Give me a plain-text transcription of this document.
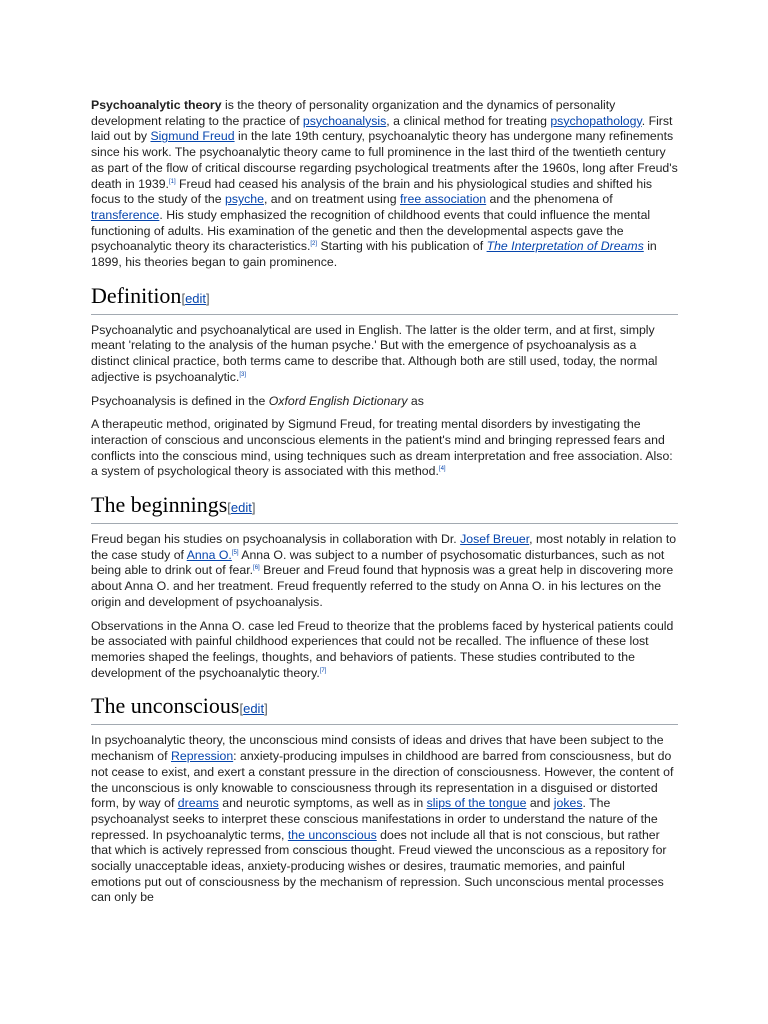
Psychoanalytic theory is the theory of personality organization and the dynamics of personality development relating to the practice of psychoanalysis, a clinical method for treating psychopathology. First laid out by Sigmund Freud in the late 19th century, psychoanalytic theory has undergone many refinements since his work. The psychoanalytic theory came to full prominence in the last third of the twentieth century as part of the flow of critical discourse regarding psychological treatments after the 1960s, long after Freud's death in 1939.[1] Freud had ceased his analysis of the brain and his physiological studies and shifted his focus to the study of the psyche, and on treatment using free association and the phenomena of transference. His study emphasized the recognition of childhood events that could influence the mental functioning of adults. His examination of the genetic and then the developmental aspects gave the psychoanalytic theory its characteristics.[2] Starting with his publication of The Interpretation of Dreams in 1899, his theories began to gain prominence.

Definition[edit]

Psychoanalytic and psychoanalytical are used in English. The latter is the older term, and at first, simply meant 'relating to the analysis of the human psyche.' But with the emergence of psychoanalysis as a distinct clinical practice, both terms came to describe that. Although both are still used, today, the normal adjective is psychoanalytic.[3]

Psychoanalysis is defined in the Oxford English Dictionary as

A therapeutic method, originated by Sigmund Freud, for treating mental disorders by investigating the interaction of conscious and unconscious elements in the patient's mind and bringing repressed fears and conflicts into the conscious mind, using techniques such as dream interpretation and free association. Also: a system of psychological theory is associated with this method.[4]

The beginnings[edit]

Freud began his studies on psychoanalysis in collaboration with Dr. Josef Breuer, most notably in relation to the case study of Anna O.[5] Anna O. was subject to a number of psychosomatic disturbances, such as not being able to drink out of fear.[6] Breuer and Freud found that hypnosis was a great help in discovering more about Anna O. and her treatment. Freud frequently referred to the study on Anna O. in his lectures on the origin and development of psychoanalysis.

Observations in the Anna O. case led Freud to theorize that the problems faced by hysterical patients could be associated with painful childhood experiences that could not be recalled. The influence of these lost memories shaped the feelings, thoughts, and behaviors of patients. These studies contributed to the development of the psychoanalytic theory.[7]

The unconscious[edit]

In psychoanalytic theory, the unconscious mind consists of ideas and drives that have been subject to the mechanism of Repression: anxiety-producing impulses in childhood are barred from consciousness, but do not cease to exist, and exert a constant pressure in the direction of consciousness. However, the content of the unconscious is only knowable to consciousness through its representation in a disguised or distorted form, by way of dreams and neurotic symptoms, as well as in slips of the tongue and jokes. The psychoanalyst seeks to interpret these conscious manifestations in order to understand the nature of the repressed. In psychoanalytic terms, the unconscious does not include all that is not conscious, but rather that which is actively repressed from conscious thought. Freud viewed the unconscious as a repository for socially unacceptable ideas, anxiety-producing wishes or desires, traumatic memories, and painful emotions put out of consciousness by the mechanism of repression. Such unconscious mental processes can only be
